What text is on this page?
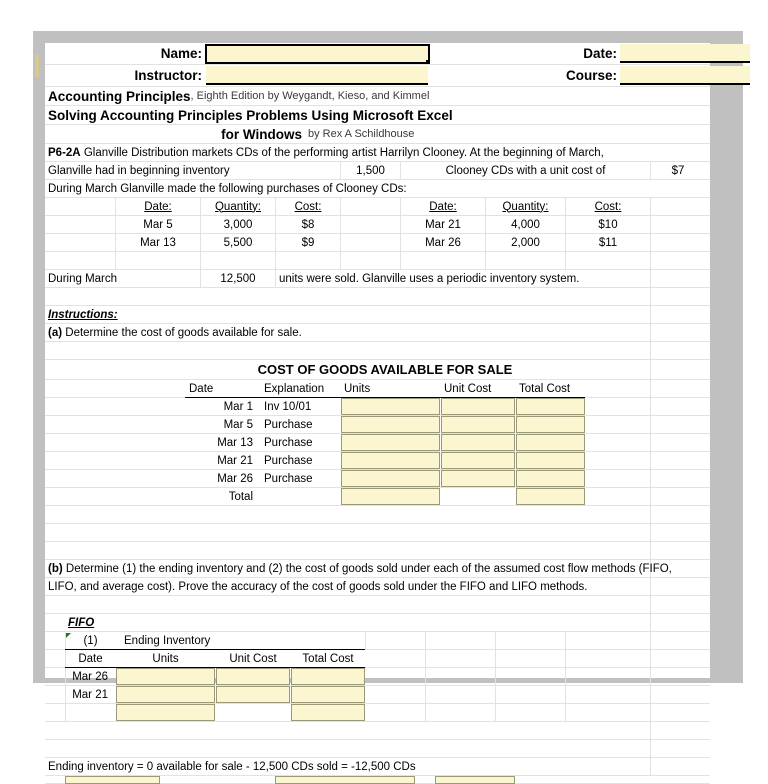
Name:	Date:
Instructor:	Course:
Accounting Principles , Eighth Edition by Weygandt, Kieso, and Kimmel
Solving Accounting Principles Problems Using Microsoft Excel
for Windows by Rex A Schildhouse
P6-2A
Glanville Distribution markets CDs of the performing artist Harrilyn Clooney. At the beginning of March,
Glanville had in beginning inventory	1,500	Clooney CDs with a unit cost of	$7
During March Glanville made the following purchases of Clooney CDs:
Date:	Quantity:	Cost:	Date:	Quantity:	Cost:
Mar 5	3,000	$8	Mar 21	4,000	$10
Mar 13	5,500	$9	Mar 26	2,000	$11
During March	12,500	units were sold. Glanville uses a periodic inventory system.
Instructions:
(a)
Determine the cost of goods available for sale.
COST OF GOODS AVAILABLE FOR SALE
Date	Explanation	Units	Unit Cost	Total Cost
Mar 1 Inv 10/01
Mar 5 Purchase
Mar 13 Purchase
Mar 21 Purchase
Mar 26 Purchase
Total
(b)
Determine (1) the ending inventory and (2) the cost of goods sold under each of the assumed cost flow methods (FIFO,
LIFO, and average cost). Prove the accuracy of the cost of goods sold under the FIFO and LIFO methods.
FIFO
(1)	Ending Inventory
Date	Units	Unit Cost	Total Cost
Mar 26
Mar 21
Ending inventory = 0 available for sale - 12,500 CDs sold = -12,500 CDs
